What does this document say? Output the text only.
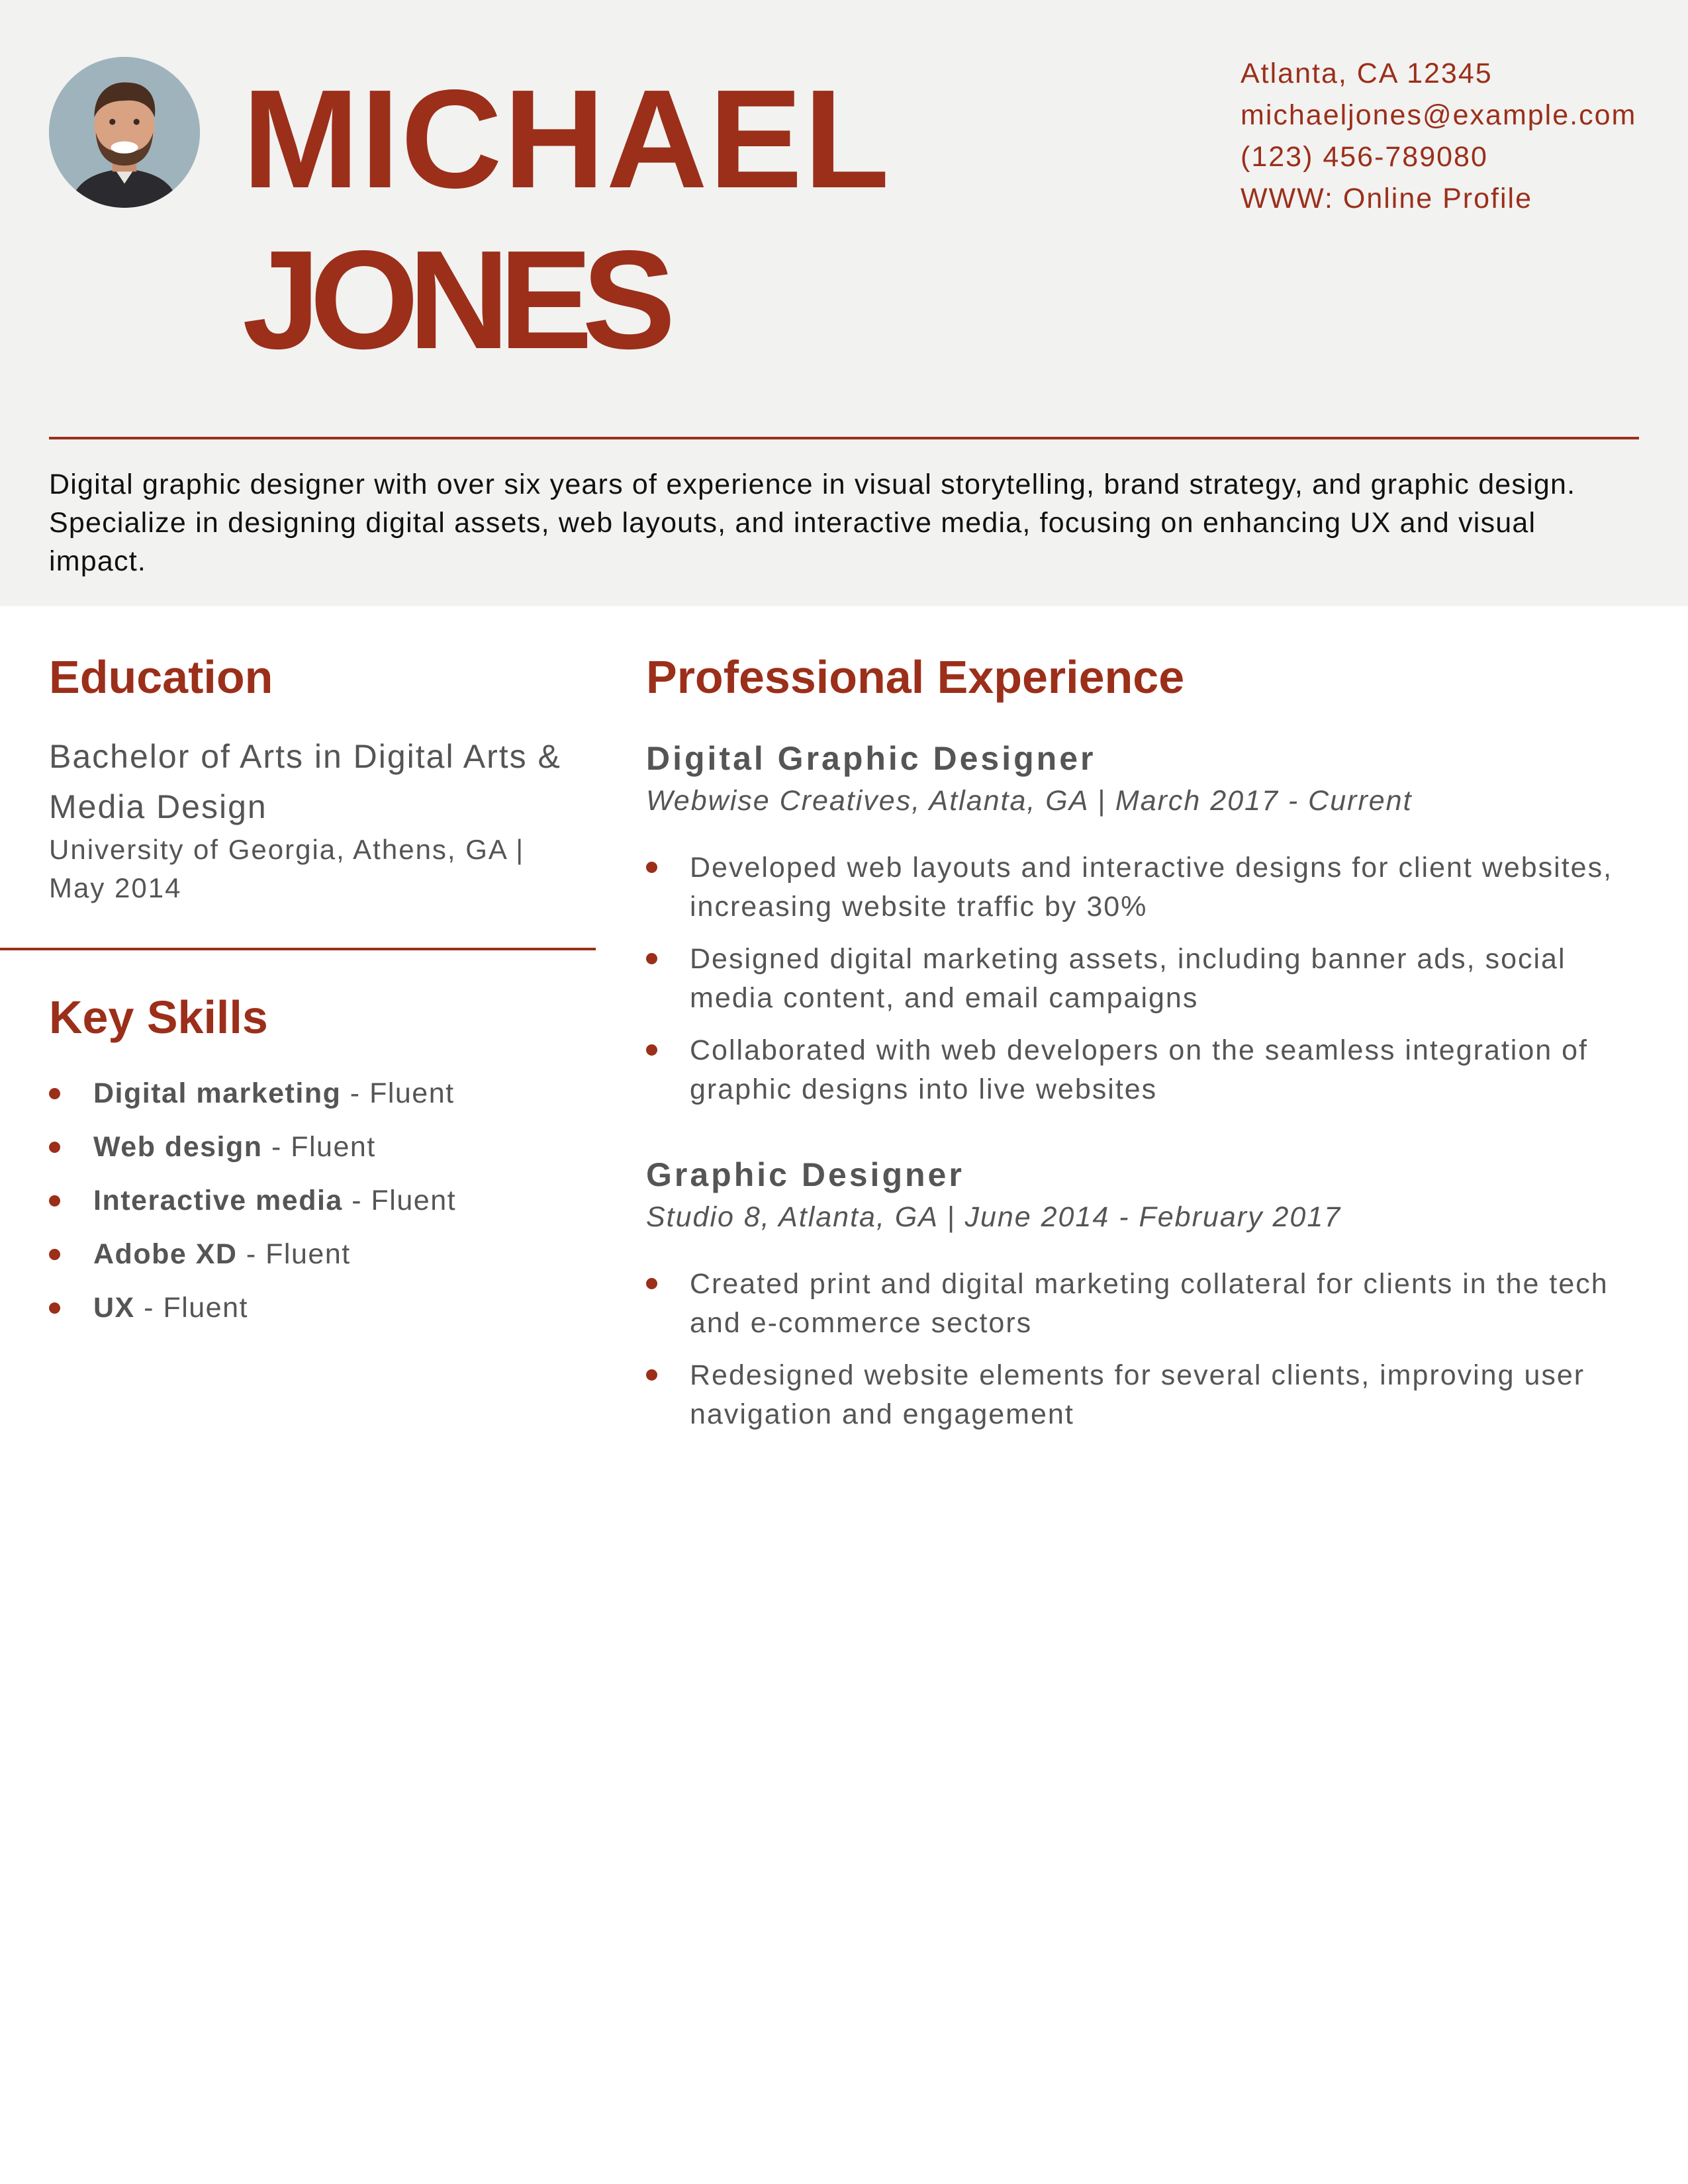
MICHAEL
JONES
Atlanta, CA 12345
michaeljones@example.com
(123) 456-789080
WWW: Online Profile
Digital graphic designer with over six years of experience in visual storytelling, brand strategy, and graphic design. Specialize in designing digital assets, web layouts, and interactive media, focusing on enhancing UX and visual impact.
Education
Bachelor of Arts in Digital Arts & Media Design
University of Georgia, Athens, GA | May 2014
Key Skills
Digital marketing - Fluent
Web design - Fluent
Interactive media - Fluent
Adobe XD - Fluent
UX - Fluent
Professional Experience
Digital Graphic Designer
Webwise Creatives, Atlanta, GA | March 2017 - Current
Developed web layouts and interactive designs for client websites, increasing website traffic by 30%
Designed digital marketing assets, including banner ads, social media content, and email campaigns
Collaborated with web developers on the seamless integration of graphic designs into live websites
Graphic Designer
Studio 8, Atlanta, GA | June 2014 - February 2017
Created print and digital marketing collateral for clients in the tech and e-commerce sectors
Redesigned website elements for several clients, improving user navigation and engagement
